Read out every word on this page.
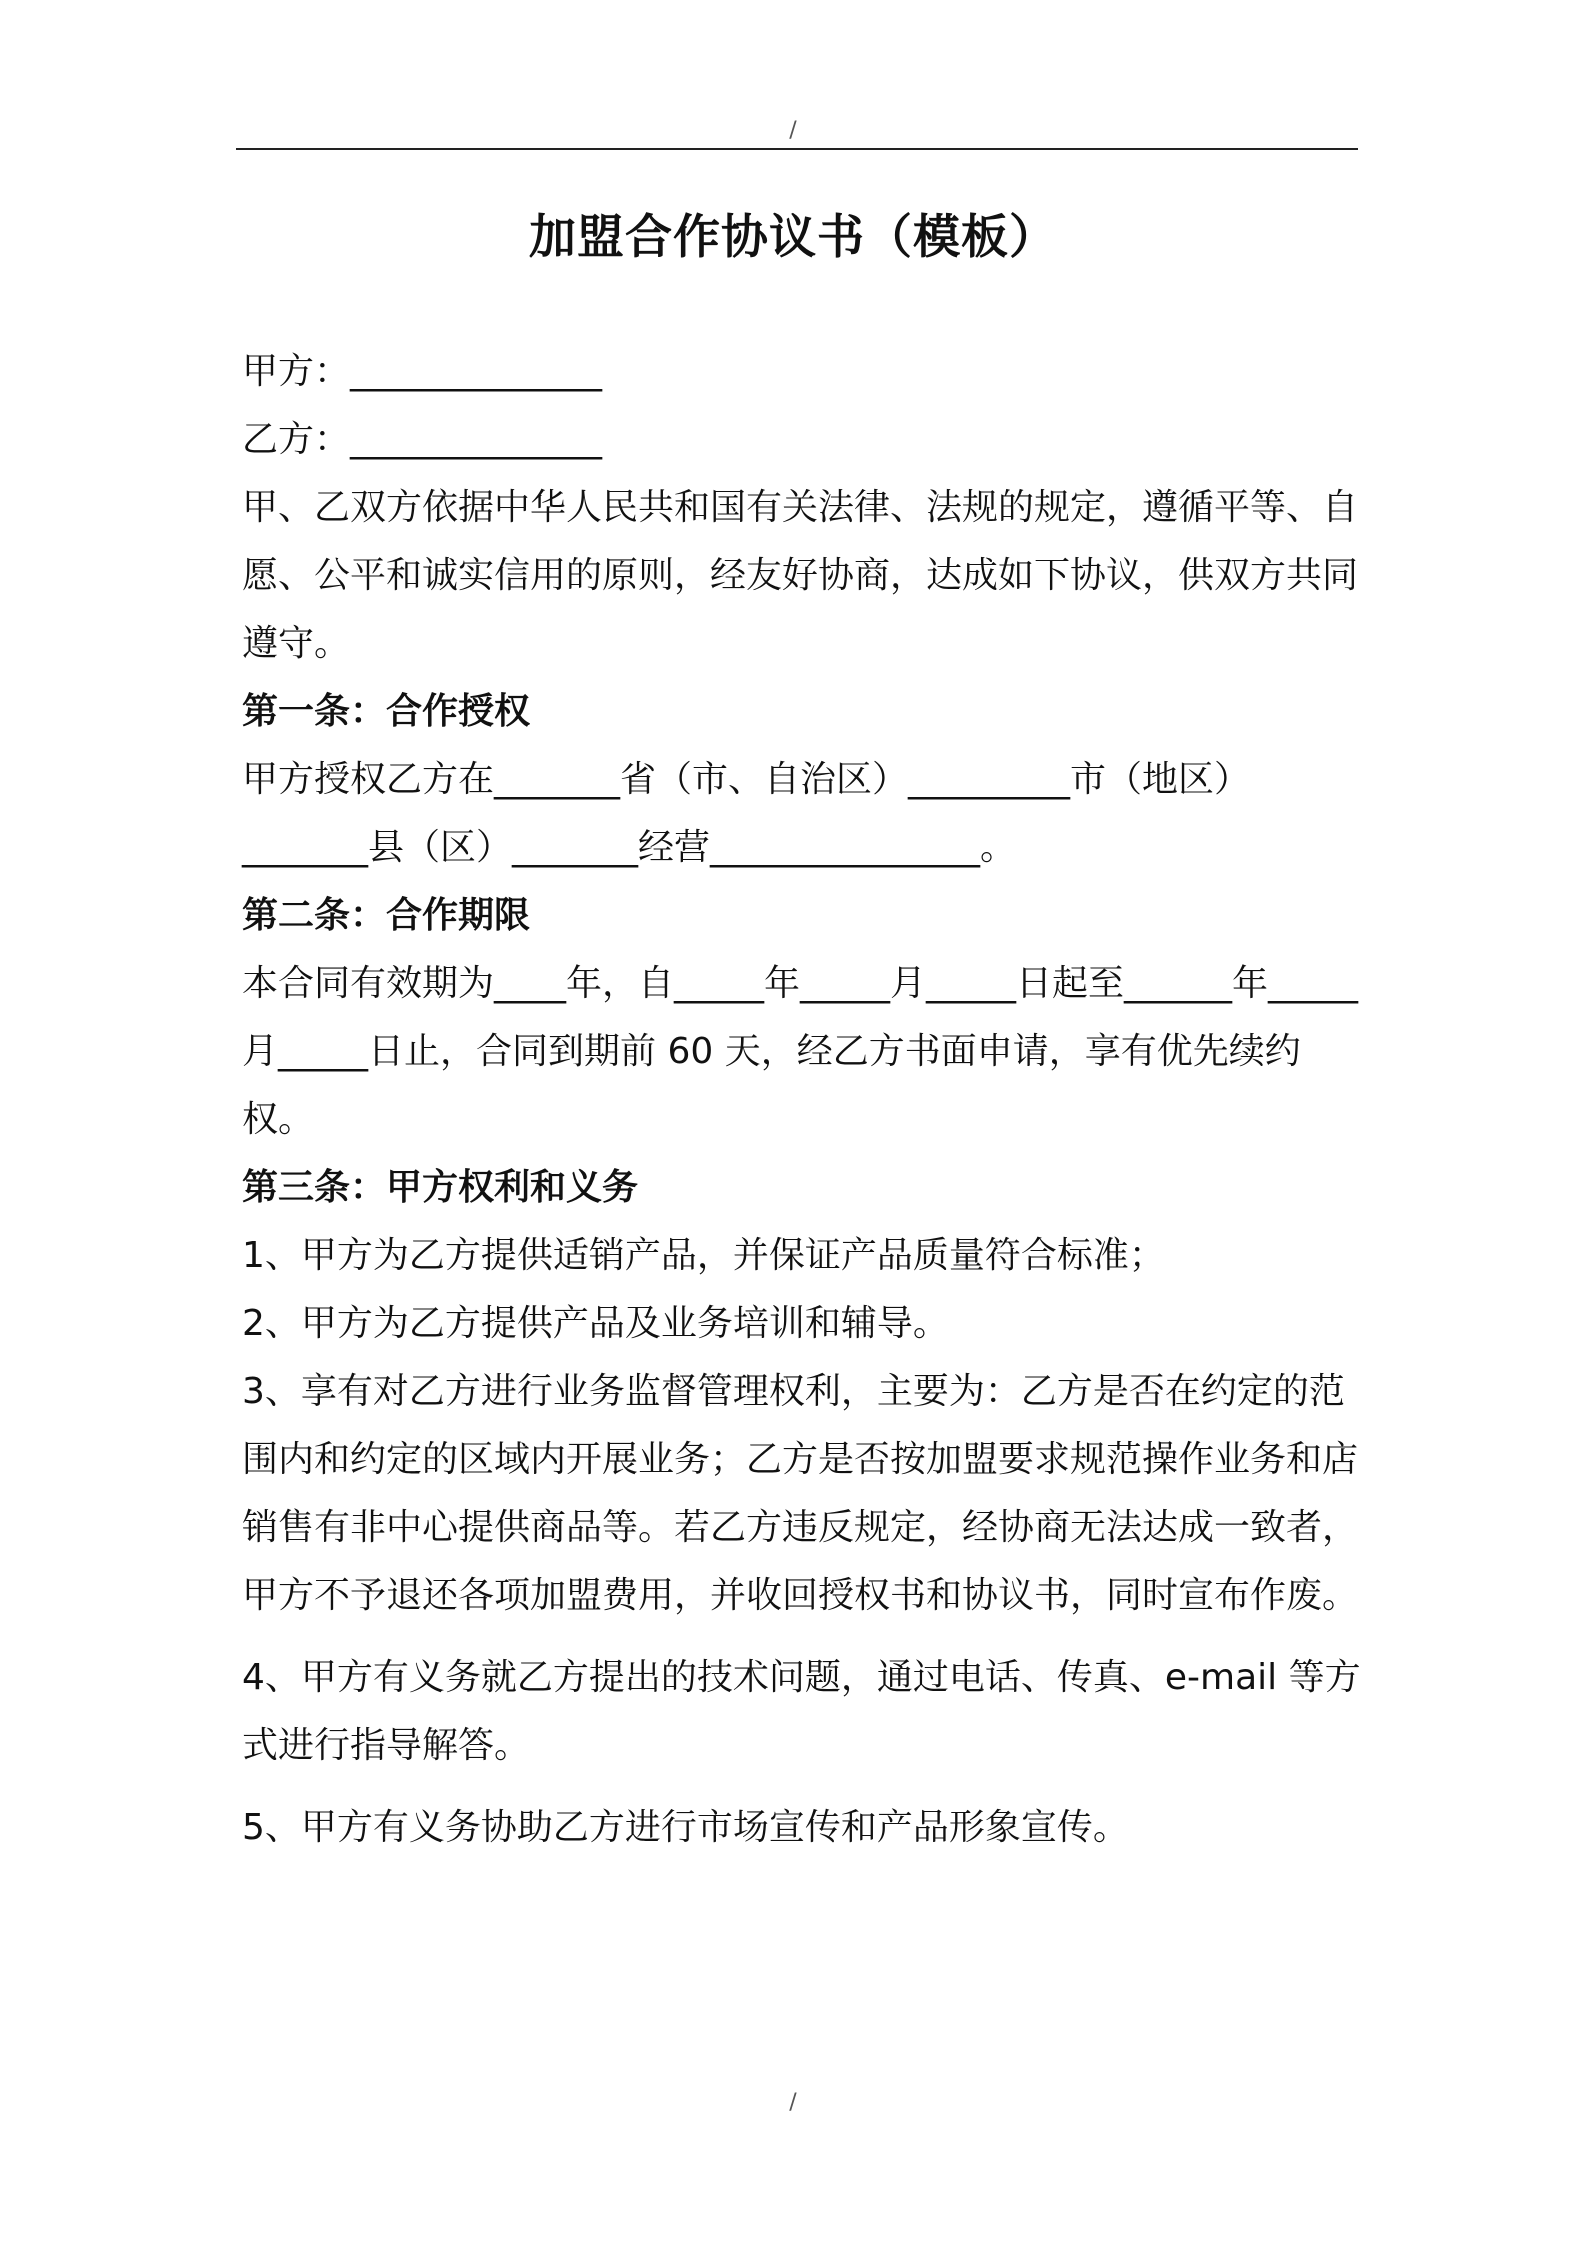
/
加盟合作协议书（模板）

甲方：______________

乙方：______________

甲、乙双方依据中华人民共和国有关法律、法规的规定，遵循平等、自愿、公平和诚实信用的原则，经友好协商，达成如下协议，供双方共同遵守。

第一条：合作授权

甲方授权乙方在_______省（市、自治区）_________市（地区）_______县（区）_______经营_______________。

第二条：合作期限

本合同有效期为____年，自_____年_____月_____日起至______年_____月_____日止，合同到期前 60 天，经乙方书面申请，享有优先续约权。

第三条：甲方权利和义务

1、甲方为乙方提供适销产品，并保证产品质量符合标准；

2、甲方为乙方提供产品及业务培训和辅导。

3、享有对乙方进行业务监督管理权利，主要为：乙方是否在约定的范围内和约定的区域内开展业务；乙方是否按加盟要求规范操作业务和店销售有非中心提供商品等。若乙方违反规定，经协商无法达成一致者，甲方不予退还各项加盟费用，并收回授权书和协议书，同时宣布作废。

4、甲方有义务就乙方提出的技术问题，通过电话、传真、e-mail 等方式进行指导解答。

5、甲方有义务协助乙方进行市场宣传和产品形象宣传。

/
